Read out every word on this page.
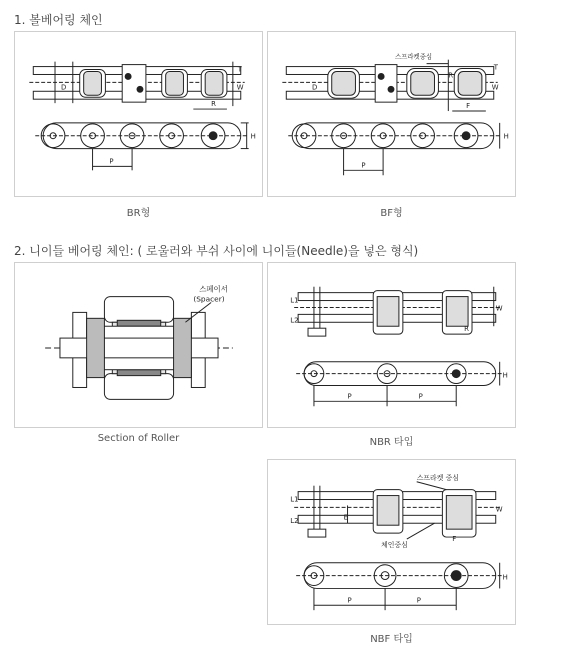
1. 볼베어링 체인
T
W
R
D
P
H
BR형
스프라켓중심
T
W
F
R
D
P
H
BF형
2. 니이들 베어링 체인: ( 로울러와 부쉬 사이에 니이들(Needle)을 넣은 형식)
스페이서
(Spacer)
Section of Roller
L1
L2
W
R
P	P
H
NBR 타입
스프라켓 중심
체인중심
L1
L2	E
W
F
P	P
H
NBF 타입
